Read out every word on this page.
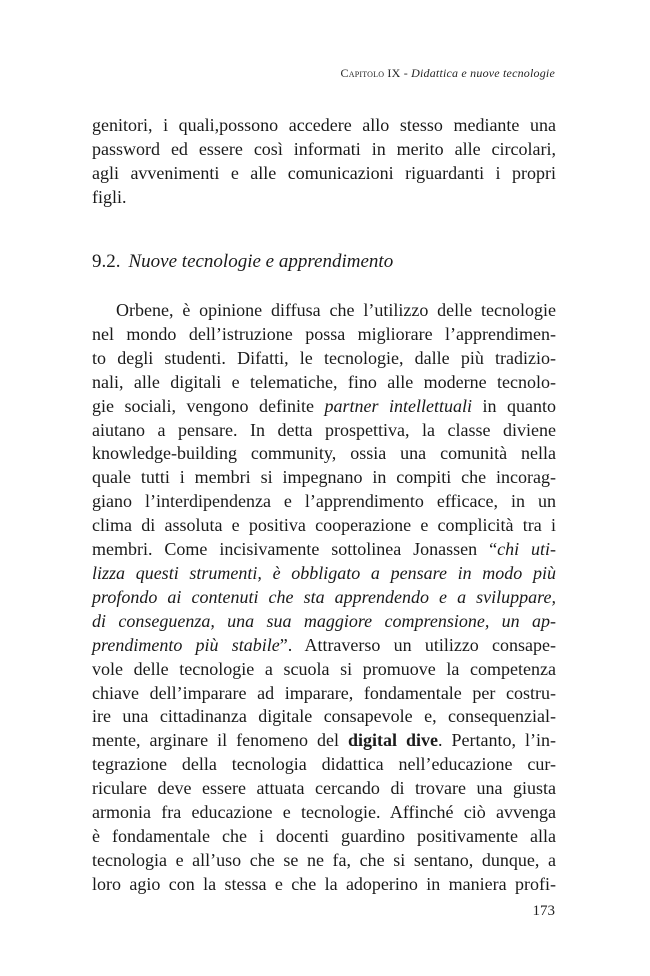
Capitolo IX - Didattica e nuove tecnologie
genitori, i quali,possono accedere allo stesso mediante una
password ed essere così informati in merito alle circolari,
agli avvenimenti e alle comunicazioni riguardanti i propri
figli.
9.2. Nuove tecnologie e apprendimento
Orbene, è opinione diffusa che l’utilizzo delle tecnologie
nel mondo dell’istruzione possa migliorare l’apprendimen-
to degli studenti. Difatti, le tecnologie, dalle più tradizio-
nali, alle digitali e telematiche, fino alle moderne tecnolo-
gie sociali, vengono definite partner intellettuali in quanto
aiutano a pensare. In detta prospettiva, la classe diviene
knowledge-building community, ossia una comunità nella
quale tutti i membri si impegnano in compiti che incorag-
giano l’interdipendenza e l’apprendimento efficace, in un
clima di assoluta e positiva cooperazione e complicità tra i
membri. Come incisivamente sottolinea Jonassen “chi uti-
lizza questi strumenti, è obbligato a pensare in modo più
profondo ai contenuti che sta apprendendo e a sviluppare,
di conseguenza, una sua maggiore comprensione, un ap-
prendimento più stabile”. Attraverso un utilizzo consape-
vole delle tecnologie a scuola si promuove la competenza
chiave dell’imparare ad imparare, fondamentale per costru-
ire una cittadinanza digitale consapevole e, consequenzial-
mente, arginare il fenomeno del digital dive. Pertanto, l’in-
tegrazione della tecnologia didattica nell’educazione cur-
riculare deve essere attuata cercando di trovare una giusta
armonia fra educazione e tecnologie. Affinché ciò avvenga
è fondamentale che i docenti guardino positivamente alla
tecnologia e all’uso che se ne fa, che si sentano, dunque, a
loro agio con la stessa e che la adoperino in maniera profi-
173
